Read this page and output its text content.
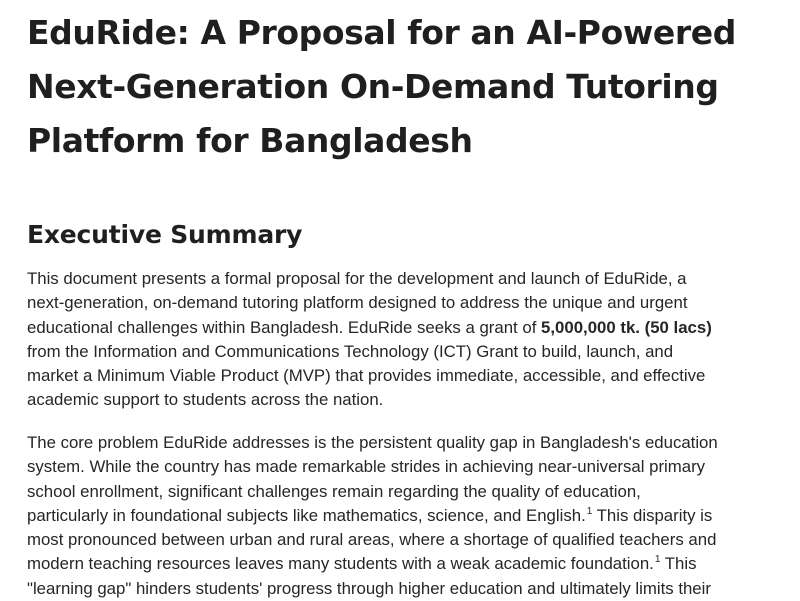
EduRide: A Proposal for an AI-Powered
Next-Generation On-Demand Tutoring
Platform for Bangladesh
Executive Summary

This document presents a formal proposal for the development and launch of EduRide, a
next-generation, on-demand tutoring platform designed to address the unique and urgent
educational challenges within Bangladesh. EduRide seeks a grant of 5,000,000 tk. (50 lacs)
from the Information and Communications Technology (ICT) Grant to build, launch, and
market a Minimum Viable Product (MVP) that provides immediate, accessible, and effective
academic support to students across the nation.

The core problem EduRide addresses is the persistent quality gap in Bangladesh's education
system. While the country has made remarkable strides in achieving near-universal primary
school enrollment, significant challenges remain regarding the quality of education,
particularly in foundational subjects like mathematics, science, and English.$^1$ This disparity is
most pronounced between urban and rural areas, where a shortage of qualified teachers and
modern teaching resources leaves many students with a weak academic foundation.$^1$ This
"learning gap" hinders students' progress through higher education and ultimately limits their
